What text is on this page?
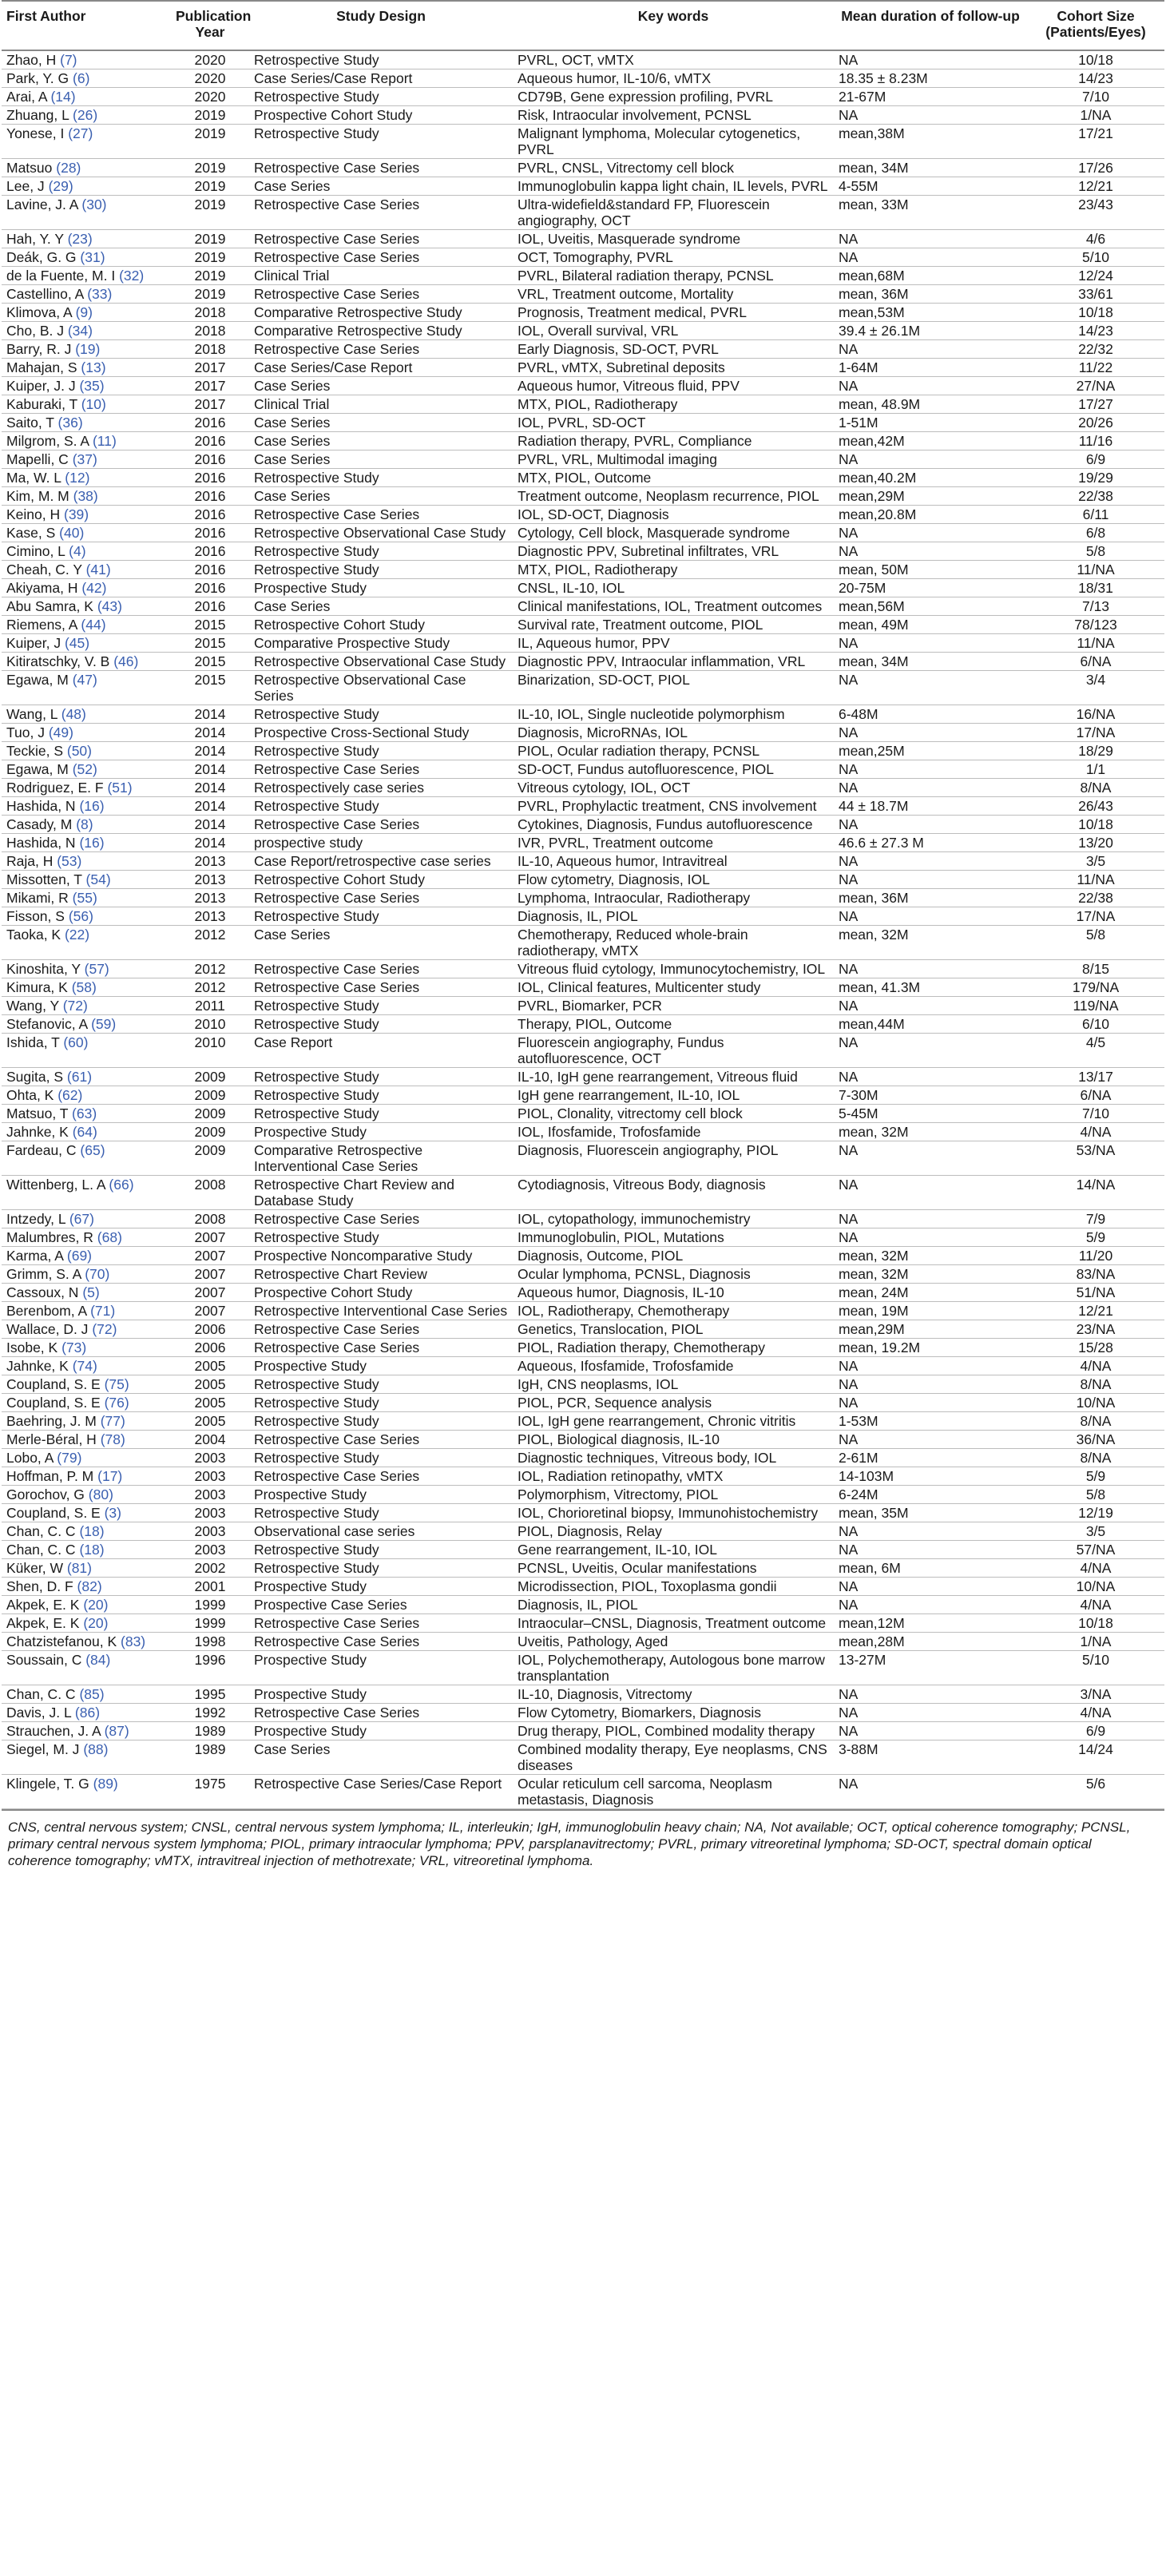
First Author	Publication Year	Study Design	Key words	Mean duration of follow-up	Cohort Size (Patients/Eyes)
Zhao, H (7)	2020	Retrospective Study	PVRL, OCT, vMTX	NA	10/18
Park, Y. G (6)	2020	Case Series/Case Report	Aqueous humor, IL-10/6, vMTX	18.35 ± 8.23M	14/23
Arai, A (14)	2020	Retrospective Study	CD79B, Gene expression profiling, PVRL	21-67M	7/10
Zhuang, L (26)	2019	Prospective Cohort Study	Risk, Intraocular involvement, PCNSL	NA	1/NA
Yonese, I (27)	2019	Retrospective Study	Malignant lymphoma, Molecular cytogenetics, PVRL	mean,38M	17/21
Matsuo (28)	2019	Retrospective Case Series	PVRL, CNSL, Vitrectomy cell block	mean, 34M	17/26
Lee, J (29)	2019	Case Series	Immunoglobulin kappa light chain, IL levels, PVRL	4-55M	12/21
Lavine, J. A (30)	2019	Retrospective Case Series	Ultra-widefield&standard FP, Fluorescein angiography, OCT	mean, 33M	23/43
Hah, Y. Y (23)	2019	Retrospective Case Series	IOL, Uveitis, Masquerade syndrome	NA	4/6
Deák, G. G (31)	2019	Retrospective Case Series	OCT, Tomography, PVRL	NA	5/10
de la Fuente, M. I (32)	2019	Clinical Trial	PVRL, Bilateral radiation therapy, PCNSL	mean,68M	12/24
Castellino, A (33)	2019	Retrospective Case Series	VRL, Treatment outcome, Mortality	mean, 36M	33/61
Klimova, A (9)	2018	Comparative Retrospective Study	Prognosis, Treatment medical, PVRL	mean,53M	10/18
Cho, B. J (34)	2018	Comparative Retrospective Study	IOL, Overall survival, VRL	39.4 ± 26.1M	14/23
Barry, R. J (19)	2018	Retrospective Case Series	Early Diagnosis, SD-OCT, PVRL	NA	22/32
Mahajan, S (13)	2017	Case Series/Case Report	PVRL, vMTX, Subretinal deposits	1-64M	11/22
Kuiper, J. J (35)	2017	Case Series	Aqueous humor, Vitreous fluid, PPV	NA	27/NA
Kaburaki, T (10)	2017	Clinical Trial	MTX, PIOL, Radiotherapy	mean, 48.9M	17/27
Saito, T (36)	2016	Case Series	IOL, PVRL, SD-OCT	1-51M	20/26
Milgrom, S. A (11)	2016	Case Series	Radiation therapy, PVRL, Compliance	mean,42M	11/16
Mapelli, C (37)	2016	Case Series	PVRL, VRL, Multimodal imaging	NA	6/9
Ma, W. L (12)	2016	Retrospective Study	MTX, PIOL, Outcome	mean,40.2M	19/29
Kim, M. M (38)	2016	Case Series	Treatment outcome, Neoplasm recurrence, PIOL	mean,29M	22/38
Keino, H (39)	2016	Retrospective Case Series	IOL, SD-OCT, Diagnosis	mean,20.8M	6/11
Kase, S (40)	2016	Retrospective Observational Case Study	Cytology, Cell block, Masquerade syndrome	NA	6/8
Cimino, L (4)	2016	Retrospective Study	Diagnostic PPV, Subretinal infiltrates, VRL	NA	5/8
Cheah, C. Y (41)	2016	Retrospective Study	MTX, PIOL, Radiotherapy	mean, 50M	11/NA
Akiyama, H (42)	2016	Prospective Study	CNSL, IL-10, IOL	20-75M	18/31
Abu Samra, K (43)	2016	Case Series	Clinical manifestations, IOL, Treatment outcomes	mean,56M	7/13
Riemens, A (44)	2015	Retrospective Cohort Study	Survival rate, Treatment outcome, PIOL	mean, 49M	78/123
Kuiper, J (45)	2015	Comparative Prospective Study	IL, Aqueous humor, PPV	NA	11/NA
Kitiratschky, V. B (46)	2015	Retrospective Observational Case Study	Diagnostic PPV, Intraocular inflammation, VRL	mean, 34M	6/NA
Egawa, M (47)	2015	Retrospective Observational Case Series	Binarization, SD-OCT, PIOL	NA	3/4
Wang, L (48)	2014	Retrospective Study	IL-10, IOL, Single nucleotide polymorphism	6-48M	16/NA
Tuo, J (49)	2014	Prospective Cross-Sectional Study	Diagnosis, MicroRNAs, IOL	NA	17/NA
Teckie, S (50)	2014	Retrospective Study	PIOL, Ocular radiation therapy, PCNSL	mean,25M	18/29
Egawa, M (52)	2014	Retrospective Case Series	SD-OCT, Fundus autofluorescence, PIOL	NA	1/1
Rodriguez, E. F (51)	2014	Retrospectively case series	Vitreous cytology, IOL, OCT	NA	8/NA
Hashida, N (16)	2014	Retrospective Study	PVRL, Prophylactic treatment, CNS involvement	44 ± 18.7M	26/43
Casady, M (8)	2014	Retrospective Case Series	Cytokines, Diagnosis, Fundus autofluorescence	NA	10/18
Hashida, N (16)	2014	prospective study	IVR, PVRL, Treatment outcome	46.6 ± 27.3 M	13/20
Raja, H (53)	2013	Case Report/retrospective case series	IL-10, Aqueous humor, Intravitreal	NA	3/5
Missotten, T (54)	2013	Retrospective Cohort Study	Flow cytometry, Diagnosis, IOL	NA	11/NA
Mikami, R (55)	2013	Retrospective Case Series	Lymphoma, Intraocular, Radiotherapy	mean, 36M	22/38
Fisson, S (56)	2013	Retrospective Study	Diagnosis, IL, PIOL	NA	17/NA
Taoka, K (22)	2012	Case Series	Chemotherapy, Reduced whole-brain radiotherapy, vMTX	mean, 32M	5/8
Kinoshita, Y (57)	2012	Retrospective Case Series	Vitreous fluid cytology, Immunocytochemistry, IOL	NA	8/15
Kimura, K (58)	2012	Retrospective Case Series	IOL, Clinical features, Multicenter study	mean, 41.3M	179/NA
Wang, Y (72)	2011	Retrospective Study	PVRL, Biomarker, PCR	NA	119/NA
Stefanovic, A (59)	2010	Retrospective Study	Therapy, PIOL, Outcome	mean,44M	6/10
Ishida, T (60)	2010	Case Report	Fluorescein angiography, Fundus autofluorescence, OCT	NA	4/5
Sugita, S (61)	2009	Retrospective Study	IL-10, IgH gene rearrangement, Vitreous fluid	NA	13/17
Ohta, K (62)	2009	Retrospective Study	IgH gene rearrangement, IL-10, IOL	7-30M	6/NA
Matsuo, T (63)	2009	Retrospective Study	PIOL, Clonality, vitrectomy cell block	5-45M	7/10
Jahnke, K (64)	2009	Prospective Study	IOL, Ifosfamide, Trofosfamide	mean, 32M	4/NA
Fardeau, C (65)	2009	Comparative Retrospective Interventional Case Series	Diagnosis, Fluorescein angiography, PIOL	NA	53/NA
Wittenberg, L. A (66)	2008	Retrospective Chart Review and Database Study	Cytodiagnosis, Vitreous Body, diagnosis	NA	14/NA
Intzedy, L (67)	2008	Retrospective Case Series	IOL, cytopathology, immunochemistry	NA	7/9
Malumbres, R (68)	2007	Retrospective Study	Immunoglobulin, PIOL, Mutations	NA	5/9
Karma, A (69)	2007	Prospective Noncomparative Study	Diagnosis, Outcome, PIOL	mean, 32M	11/20
Grimm, S. A (70)	2007	Retrospective Chart Review	Ocular lymphoma, PCNSL, Diagnosis	mean, 32M	83/NA
Cassoux, N (5)	2007	Prospective Cohort Study	Aqueous humor, Diagnosis, IL-10	mean, 24M	51/NA
Berenbom, A (71)	2007	Retrospective Interventional Case Series	IOL, Radiotherapy, Chemotherapy	mean, 19M	12/21
Wallace, D. J (72)	2006	Retrospective Case Series	Genetics, Translocation, PIOL	mean,29M	23/NA
Isobe, K (73)	2006	Retrospective Case Series	PIOL, Radiation therapy, Chemotherapy	mean, 19.2M	15/28
Jahnke, K (74)	2005	Prospective Study	Aqueous, Ifosfamide, Trofosfamide	NA	4/NA
Coupland, S. E (75)	2005	Retrospective Study	IgH, CNS neoplasms, IOL	NA	8/NA
Coupland, S. E (76)	2005	Retrospective Study	PIOL, PCR, Sequence analysis	NA	10/NA
Baehring, J. M (77)	2005	Retrospective Study	IOL, IgH gene rearrangement, Chronic vitritis	1-53M	8/NA
Merle-Béral, H (78)	2004	Retrospective Case Series	PIOL, Biological diagnosis, IL-10	NA	36/NA
Lobo, A (79)	2003	Retrospective Study	Diagnostic techniques, Vitreous body, IOL	2-61M	8/NA
Hoffman, P. M (17)	2003	Retrospective Case Series	IOL, Radiation retinopathy, vMTX	14-103M	5/9
Gorochov, G (80)	2003	Prospective Study	Polymorphism, Vitrectomy, PIOL	6-24M	5/8
Coupland, S. E (3)	2003	Retrospective Study	IOL, Chorioretinal biopsy, Immunohistochemistry	mean, 35M	12/19
Chan, C. C (18)	2003	Observational case series	PIOL, Diagnosis, Relay	NA	3/5
Chan, C. C (18)	2003	Retrospective Study	Gene rearrangement, IL-10, IOL	NA	57/NA
Küker, W (81)	2002	Retrospective Study	PCNSL, Uveitis, Ocular manifestations	mean, 6M	4/NA
Shen, D. F (82)	2001	Prospective Study	Microdissection, PIOL, Toxoplasma gondii	NA	10/NA
Akpek, E. K (20)	1999	Prospective Case Series	Diagnosis, IL, PIOL	NA	4/NA
Akpek, E. K (20)	1999	Retrospective Case Series	Intraocular–CNSL, Diagnosis, Treatment outcome	mean,12M	10/18
Chatzistefanou, K (83)	1998	Retrospective Case Series	Uveitis, Pathology, Aged	mean,28M	1/NA
Soussain, C (84)	1996	Prospective Study	IOL, Polychemotherapy, Autologous bone marrow transplantation	13-27M	5/10
Chan, C. C (85)	1995	Prospective Study	IL-10, Diagnosis, Vitrectomy	NA	3/NA
Davis, J. L (86)	1992	Retrospective Case Series	Flow Cytometry, Biomarkers, Diagnosis	NA	4/NA
Strauchen, J. A (87)	1989	Prospective Study	Drug therapy, PIOL, Combined modality therapy	NA	6/9
Siegel, M. J (88)	1989	Case Series	Combined modality therapy, Eye neoplasms, CNS diseases	3-88M	14/24
Klingele, T. G (89)	1975	Retrospective Case Series/Case Report	Ocular reticulum cell sarcoma, Neoplasm metastasis, Diagnosis	NA	5/6
CNS, central nervous system; CNSL, central nervous system lymphoma; IL, interleukin; IgH, immunoglobulin heavy chain; NA, Not available; OCT, optical coherence tomography; PCNSL, primary central nervous system lymphoma; PIOL, primary intraocular lymphoma; PPV, parsplanavitrectomy; PVRL, primary vitreoretinal lymphoma; SD-OCT, spectral domain optical coherence tomography; vMTX, intravitreal injection of methotrexate; VRL, vitreoretinal lymphoma.
